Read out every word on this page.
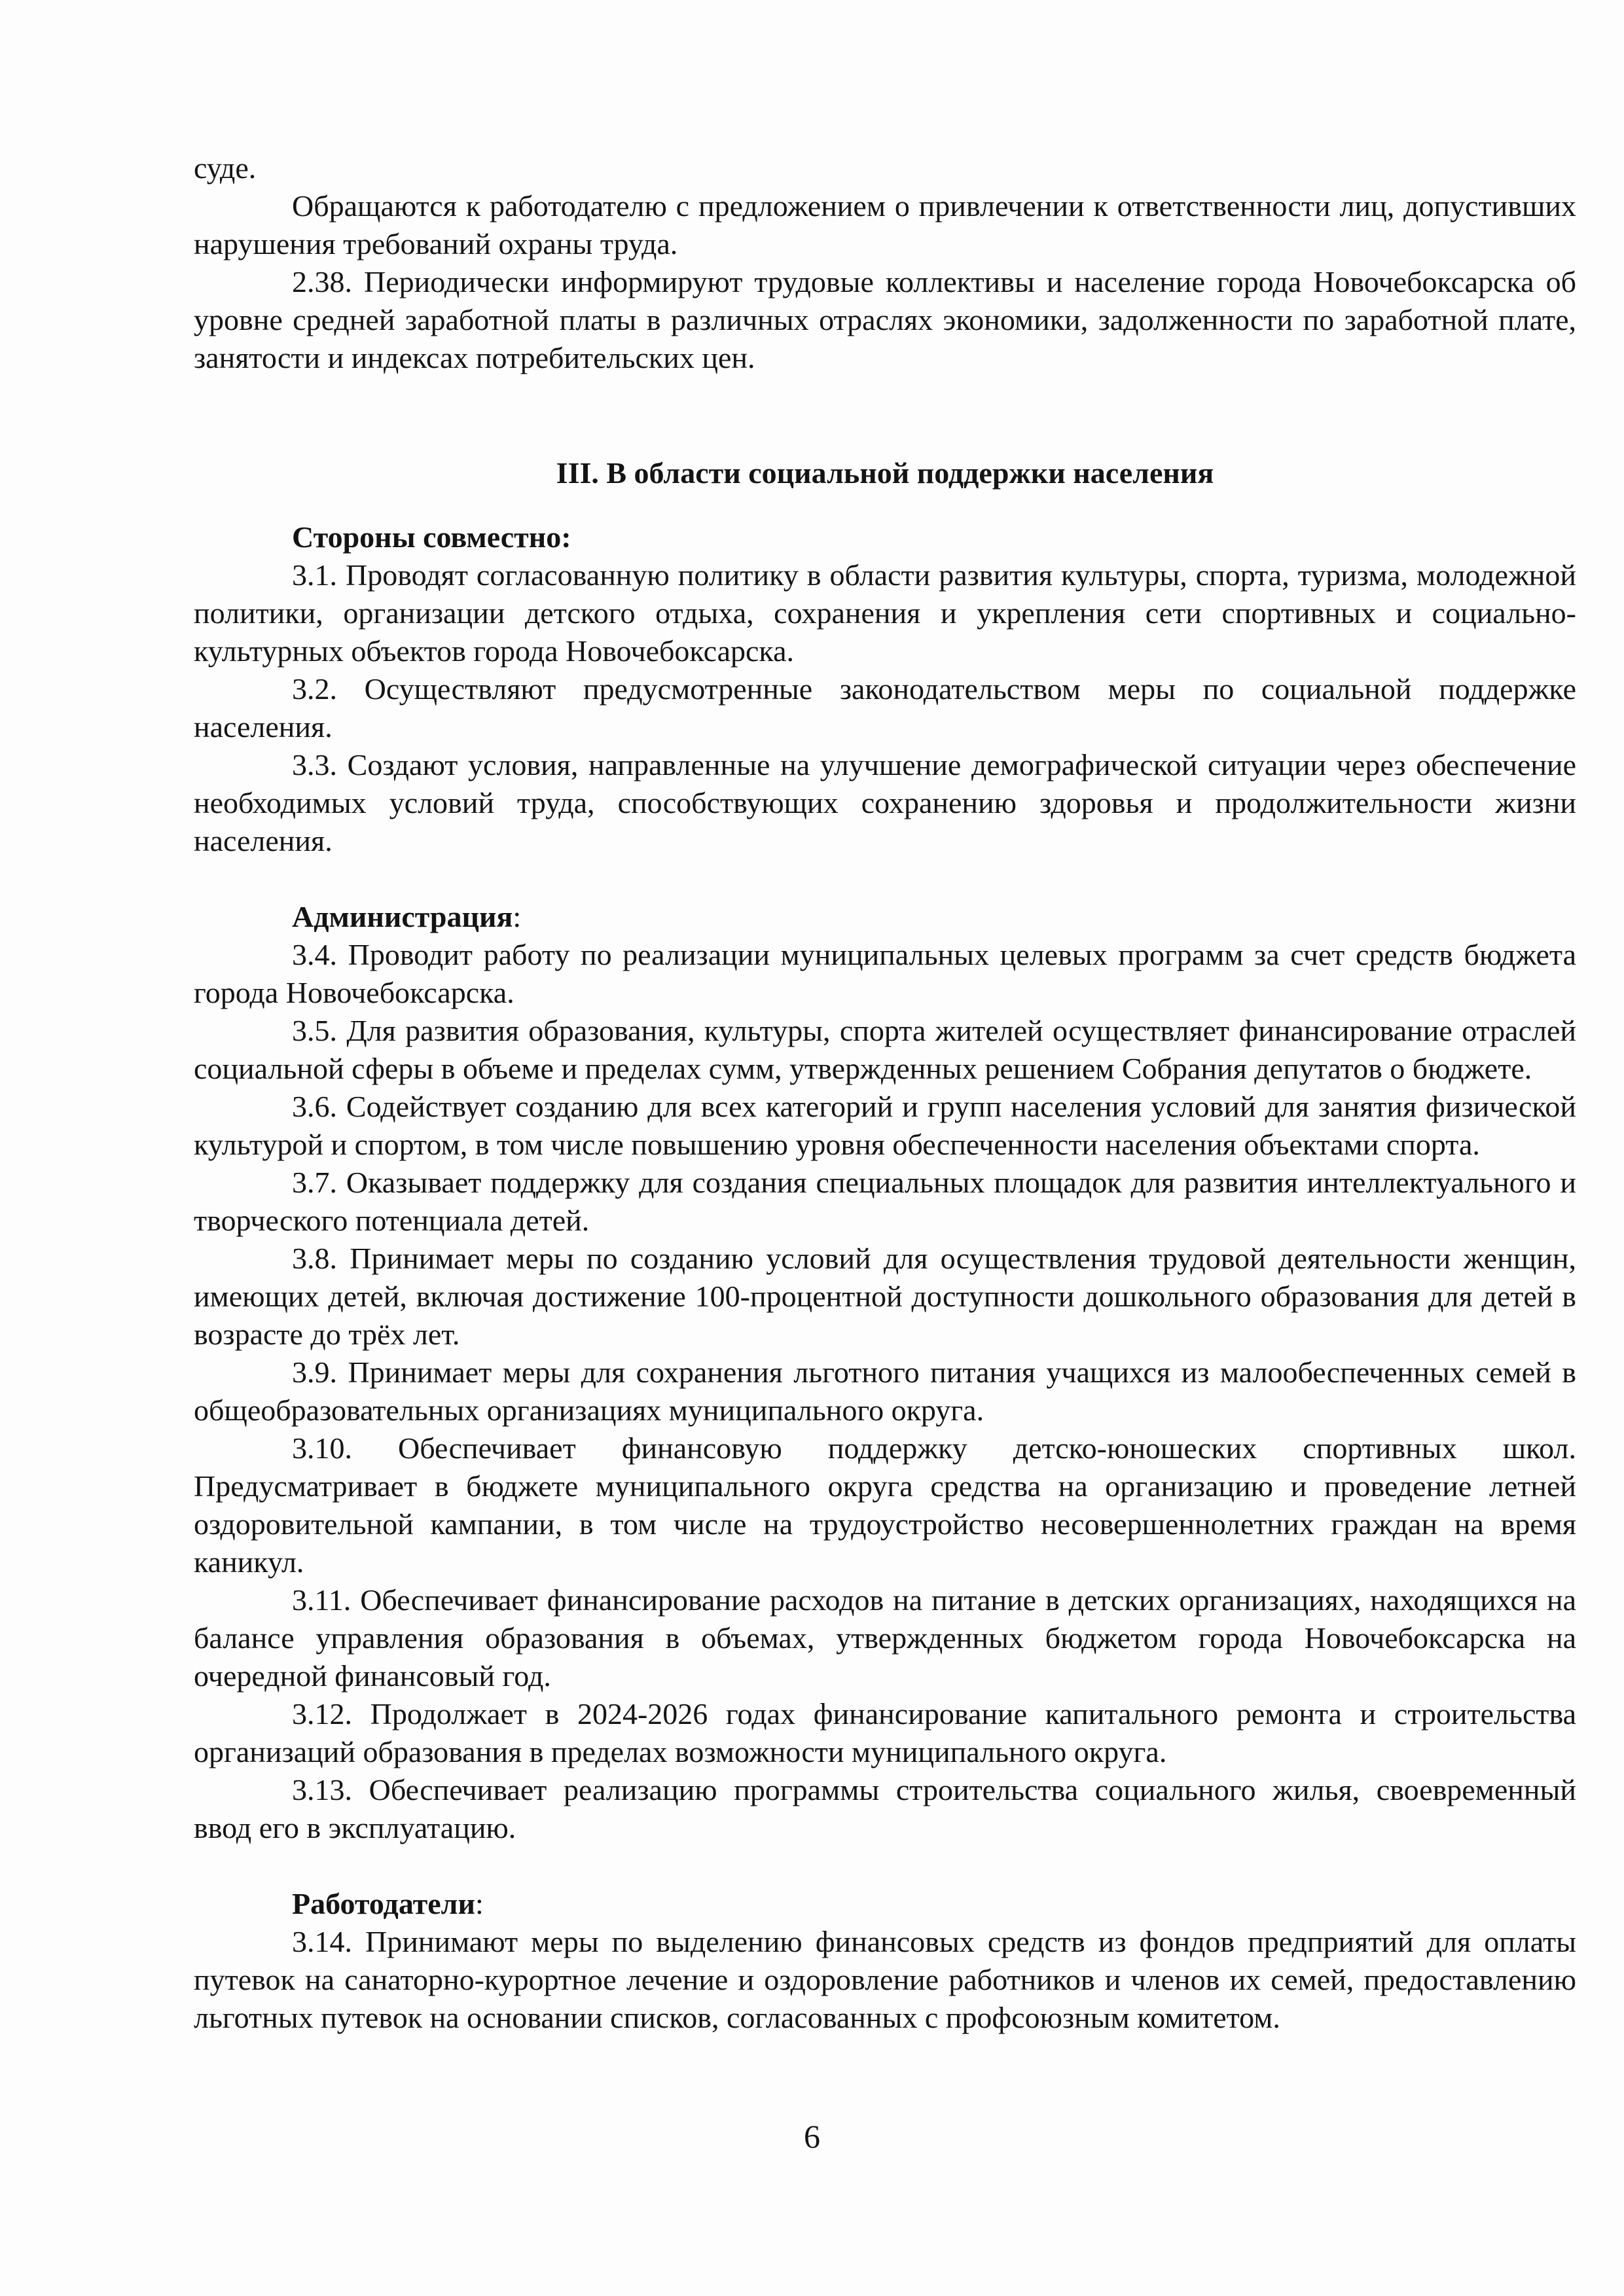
суде.

Обращаются к работодателю с предложением о привлечении к ответственности лиц, допустивших нарушения требований охраны труда.

2.38. Периодически информируют трудовые коллективы и население города Новочебоксарска об уровне средней заработной платы в различных отраслях экономики, задолженности по заработной плате, занятости и индексах потребительских цен.

III. В области социальной поддержки населения

Стороны совместно:

3.1. Проводят согласованную политику в области развития культуры, спорта, туризма, молодежной политики, организации детского отдыха, сохранения и укрепления сети спортивных и социально-культурных объектов города Новочебоксарска.

3.2. Осуществляют предусмотренные законодательством меры по социальной поддержке населения.

3.3. Создают условия, направленные на улучшение демографической ситуации через обеспечение необходимых условий труда, способствующих сохранению здоровья и продолжительности жизни населения.

Администрация:

3.4. Проводит работу по реализации муниципальных целевых программ за счет средств бюджета города Новочебоксарска.

3.5. Для развития образования, культуры, спорта жителей осуществляет финансирование отраслей социальной сферы в объеме и пределах сумм, утвержденных решением Собрания депутатов о бюджете.

3.6. Содействует созданию для всех категорий и групп населения условий для занятия физической культурой и спортом, в том числе повышению уровня обеспеченности населения объектами спорта.

3.7. Оказывает поддержку для создания специальных площадок для развития интеллектуального и творческого потенциала детей.

3.8. Принимает меры по созданию условий для осуществления трудовой деятельности женщин, имеющих детей, включая достижение 100-процентной доступности дошкольного образования для детей в возрасте до трёх лет.

3.9. Принимает меры для сохранения льготного питания учащихся из малообеспеченных семей в общеобразовательных организациях муниципального округа.

3.10. Обеспечивает финансовую поддержку детско-юношеских спортивных школ. Предусматривает в бюджете муниципального округа средства на организацию и проведение летней оздоровительной кампании, в том числе на трудоустройство несовершеннолетних граждан на время каникул.

3.11. Обеспечивает финансирование расходов на питание в детских организациях, находящихся на балансе управления образования в объемах, утвержденных бюджетом города Новочебоксарска на очередной финансовый год.

3.12. Продолжает в 2024-2026 годах финансирование капитального ремонта и строительства организаций образования в пределах возможности муниципального округа.

3.13. Обеспечивает реализацию программы строительства социального жилья, своевременный ввод его в эксплуатацию.

Работодатели:

3.14. Принимают меры по выделению финансовых средств из фондов предприятий для оплаты путевок на санаторно-курортное лечение и оздоровление работников и членов их семей, предоставлению льготных путевок на основании списков, согласованных с профсоюзным комитетом.

6
